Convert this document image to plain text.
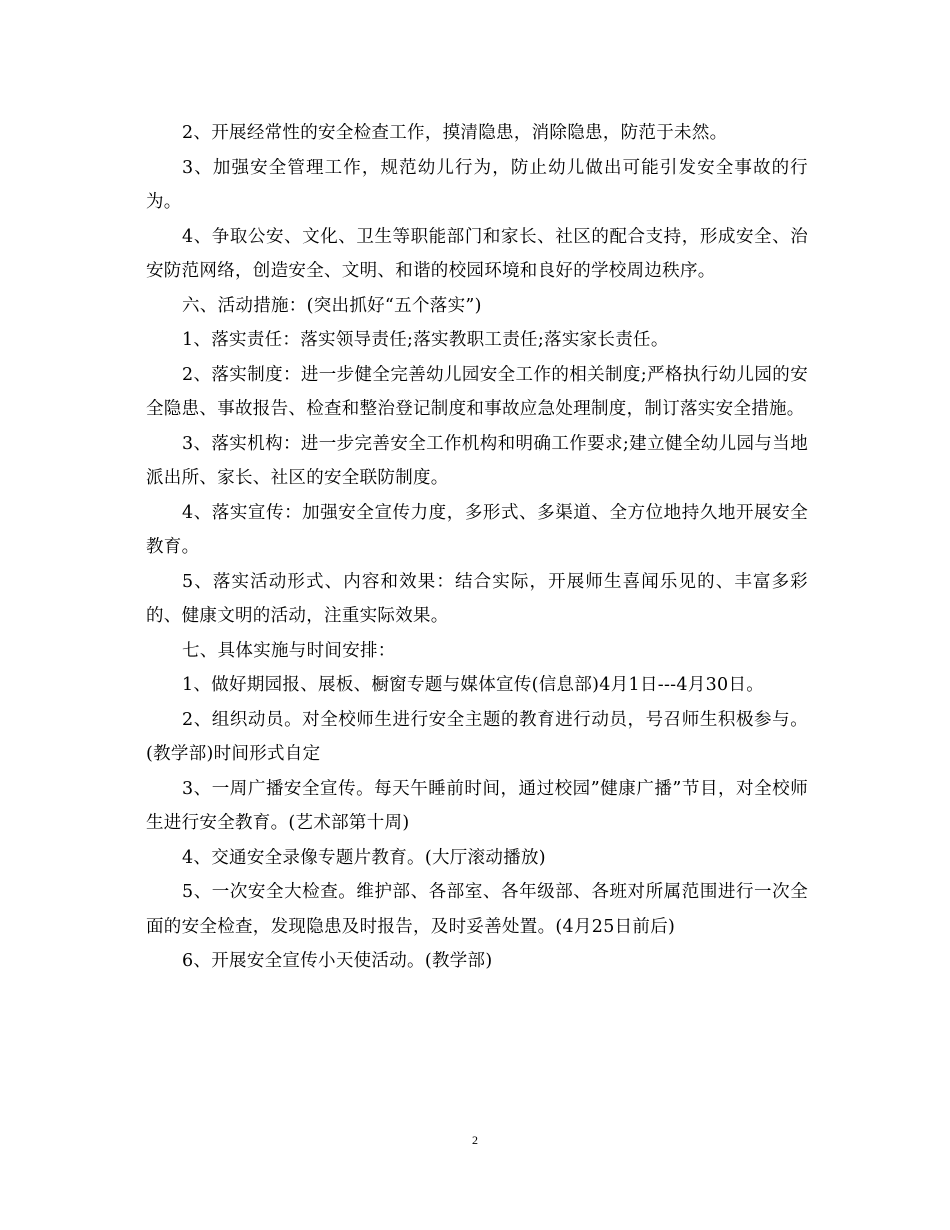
2、开展经常性的安全检查工作，摸清隐患，消除隐患，防范于未然。

3、加强安全管理工作，规范幼儿行为，防止幼儿做出可能引发安全事故的行为。

4、争取公安、文化、卫生等职能部门和家长、社区的配合支持，形成安全、治安防范网络，创造安全、文明、和谐的校园环境和良好的学校周边秩序。

六、活动措施：(突出抓好“五个落实”)

1、落实责任：落实领导责任;落实教职工责任;落实家长责任。

2、落实制度：进一步健全完善幼儿园安全工作的相关制度;严格执行幼儿园的安全隐患、事故报告、检查和整治登记制度和事故应急处理制度，制订落实安全措施。

3、落实机构：进一步完善安全工作机构和明确工作要求;建立健全幼儿园与当地派出所、家长、社区的安全联防制度。

4、落实宣传：加强安全宣传力度，多形式、多渠道、全方位地持久地开展安全教育。

5、落实活动形式、内容和效果：结合实际，开展师生喜闻乐见的、丰富多彩的、健康文明的活动，注重实际效果。

七、具体实施与时间安排：

1、做好期园报、展板、橱窗专题与媒体宣传(信息部)4月1日---4月30日。

2、组织动员。对全校师生进行安全主题的教育进行动员，号召师生积极参与。(教学部)时间形式自定

3、一周广播安全宣传。每天午睡前时间，通过校园”健康广播”节目，对全校师生进行安全教育。(艺术部第十周)

4、交通安全录像专题片教育。(大厅滚动播放)

5、一次安全大检查。维护部、各部室、各年级部、各班对所属范围进行一次全面的安全检查，发现隐患及时报告，及时妥善处置。(4月25日前后)

6、开展安全宣传小天使活动。(教学部)

2
